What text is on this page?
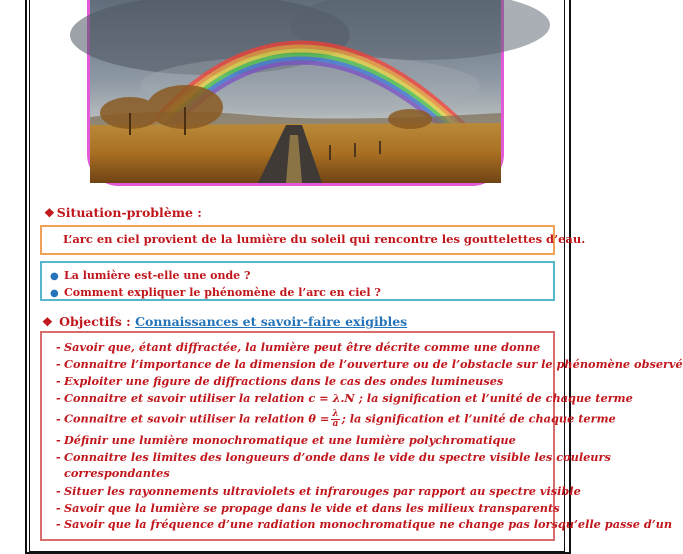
❖ Situation-problème :
L’arc en ciel provient de la lumière du soleil qui rencontre les gouttelettes d’eau.
● La lumière est-elle une onde ?
● Comment expliquer le phénomène de l’arc en ciel ?
❖ Objectifs : Connaissances et savoir-faire exigibles
- Savoir que, étant diffractée, la lumière peut être décrite comme une donne
- Connaitre l’importance de la dimension de l’ouverture ou de l’obstacle sur le phénomène observé
- Exploiter une figure de diffractions dans le cas des ondes lumineuses
- Connaitre et savoir utiliser la relation c = λ.N ; la signification et l’unité de chaque terme
- Connaitre et savoir utiliser la relation $\theta = \frac{\lambda}{a}$ ; la signification et l’unité de chaque terme
- Définir une lumière monochromatique et une lumière polychromatique
- Connaitre les limites des longueurs d’onde dans le vide du spectre visible les couleurs
correspondantes
- Situer les rayonnements ultraviolets et infrarouges par rapport au spectre visible
- Savoir que la lumière se propage dans le vide et dans les milieux transparents
- Savoir que la fréquence d’une radiation monochromatique ne change pas lorsqu’elle passe d’un
